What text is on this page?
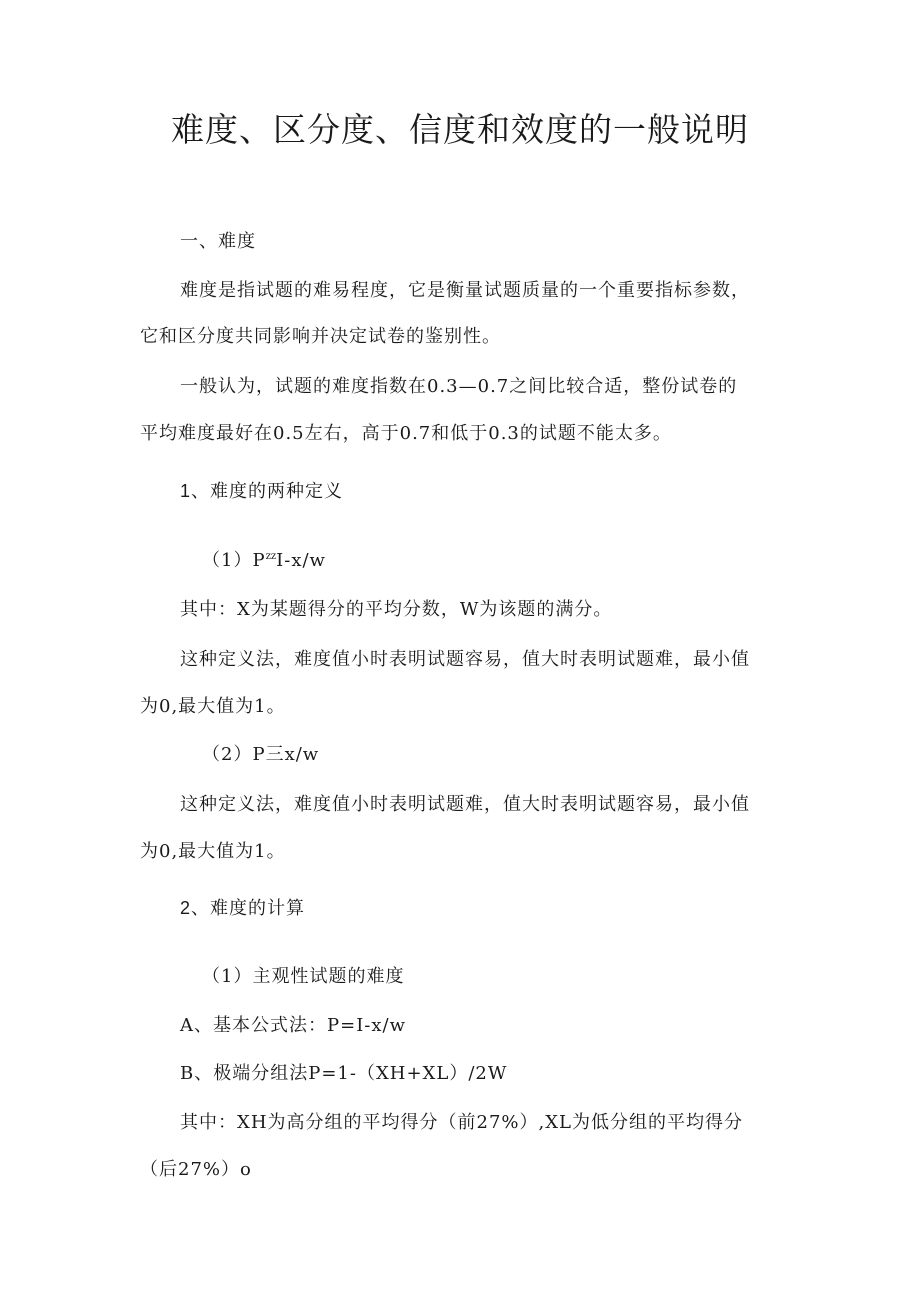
难度、区分度、信度和效度的一般说明
一、难度
难度是指试题的难易程度，它是衡量试题质量的一个重要指标参数，
它和区分度共同影响并决定试卷的鉴别性。
一般认为，试题的难度指数在0.3—0.7之间比较合适，整份试卷的
平均难度最好在0.5左右，高于0.7和低于0.3的试题不能太多。
1、难度的两种定义
$(1)P^{zz}I-x/w$
其中：X为某题得分的平均分数，W为该题的满分。
这种定义法，难度值小时表明试题容易，值大时表明试题难，最小值
为0,最大值为1。
（2）P三x/w
这种定义法，难度值小时表明试题难，值大时表明试题容易，最小值
为0,最大值为1。
2、难度的计算
（1）主观性试题的难度
A、基本公式法：P=I-x/w
B、极端分组法P=1-（XH+XL）/2W
其中：XH为高分组的平均得分（前27%）,XL为低分组的平均得分
（后27%）o
